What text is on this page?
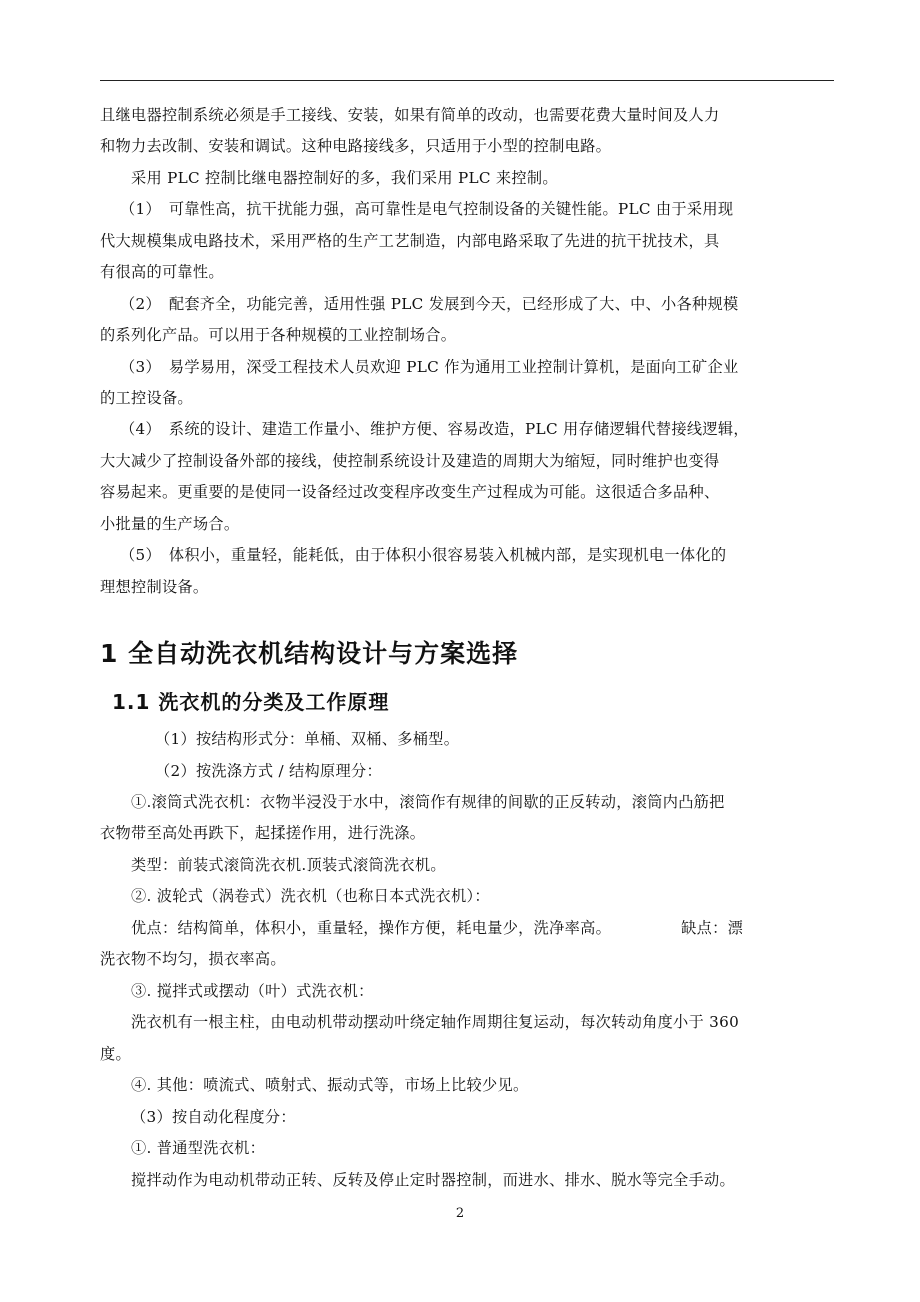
且继电器控制系统必须是手工接线、安装，如果有简单的改动，也需要花费大量时间及人力
和物力去改制、安装和调试。这种电路接线多，只适用于小型的控制电路。
采用 PLC 控制比继电器控制好的多，我们采用 PLC 来控制。
（1）　可靠性高，抗干扰能力强，高可靠性是电气控制设备的关键性能。PLC 由于采用现
代大规模集成电路技术，采用严格的生产工艺制造，内部电路采取了先进的抗干扰技术，具
有很高的可靠性。
（2）　配套齐全，功能完善，适用性强 PLC 发展到今天，已经形成了大、中、小各种规模
的系列化产品。可以用于各种规模的工业控制场合。
（3）　易学易用，深受工程技术人员欢迎 PLC 作为通用工业控制计算机，是面向工矿企业
的工控设备。
（4）　系统的设计、建造工作量小、维护方便、容易改造，PLC 用存储逻辑代替接线逻辑，
大大减少了控制设备外部的接线，使控制系统设计及建造的周期大为缩短，同时维护也变得
容易起来。更重要的是使同一设备经过改变程序改变生产过程成为可能。这很适合多品种、
小批量的生产场合。
（5）　体积小，重量轻，能耗低，由于体积小很容易装入机械内部，是实现机电一体化的
理想控制设备。
1 全自动洗衣机结构设计与方案选择
1.1 洗衣机的分类及工作原理
（1）按结构形式分：单桶、双桶、多桶型。
（2）按洗涤方式 / 结构原理分：
①.滚筒式洗衣机：衣物半浸没于水中，滚筒作有规律的间歇的正反转动，滚筒内凸筋把
衣物带至高处再跌下，起揉搓作用，进行洗涤。
类型：前装式滚筒洗衣机.顶装式滚筒洗衣机。
②. 波轮式（涡卷式）洗衣机（也称日本式洗衣机）：
优点：结构简单，体积小，重量轻，操作方便，耗电量少，洗净率高。	缺点：漂
洗衣物不均匀，损衣率高。
③. 搅拌式或摆动（叶）式洗衣机：
洗衣机有一根主柱，由电动机带动摆动叶绕定轴作周期往复运动，每次转动角度小于 360
度。
④. 其他：喷流式、喷射式、振动式等，市场上比较少见。
（3）按自动化程度分：
①. 普通型洗衣机：
搅拌动作为电动机带动正转、反转及停止定时器控制，而进水、排水、脱水等完全手动。
2
